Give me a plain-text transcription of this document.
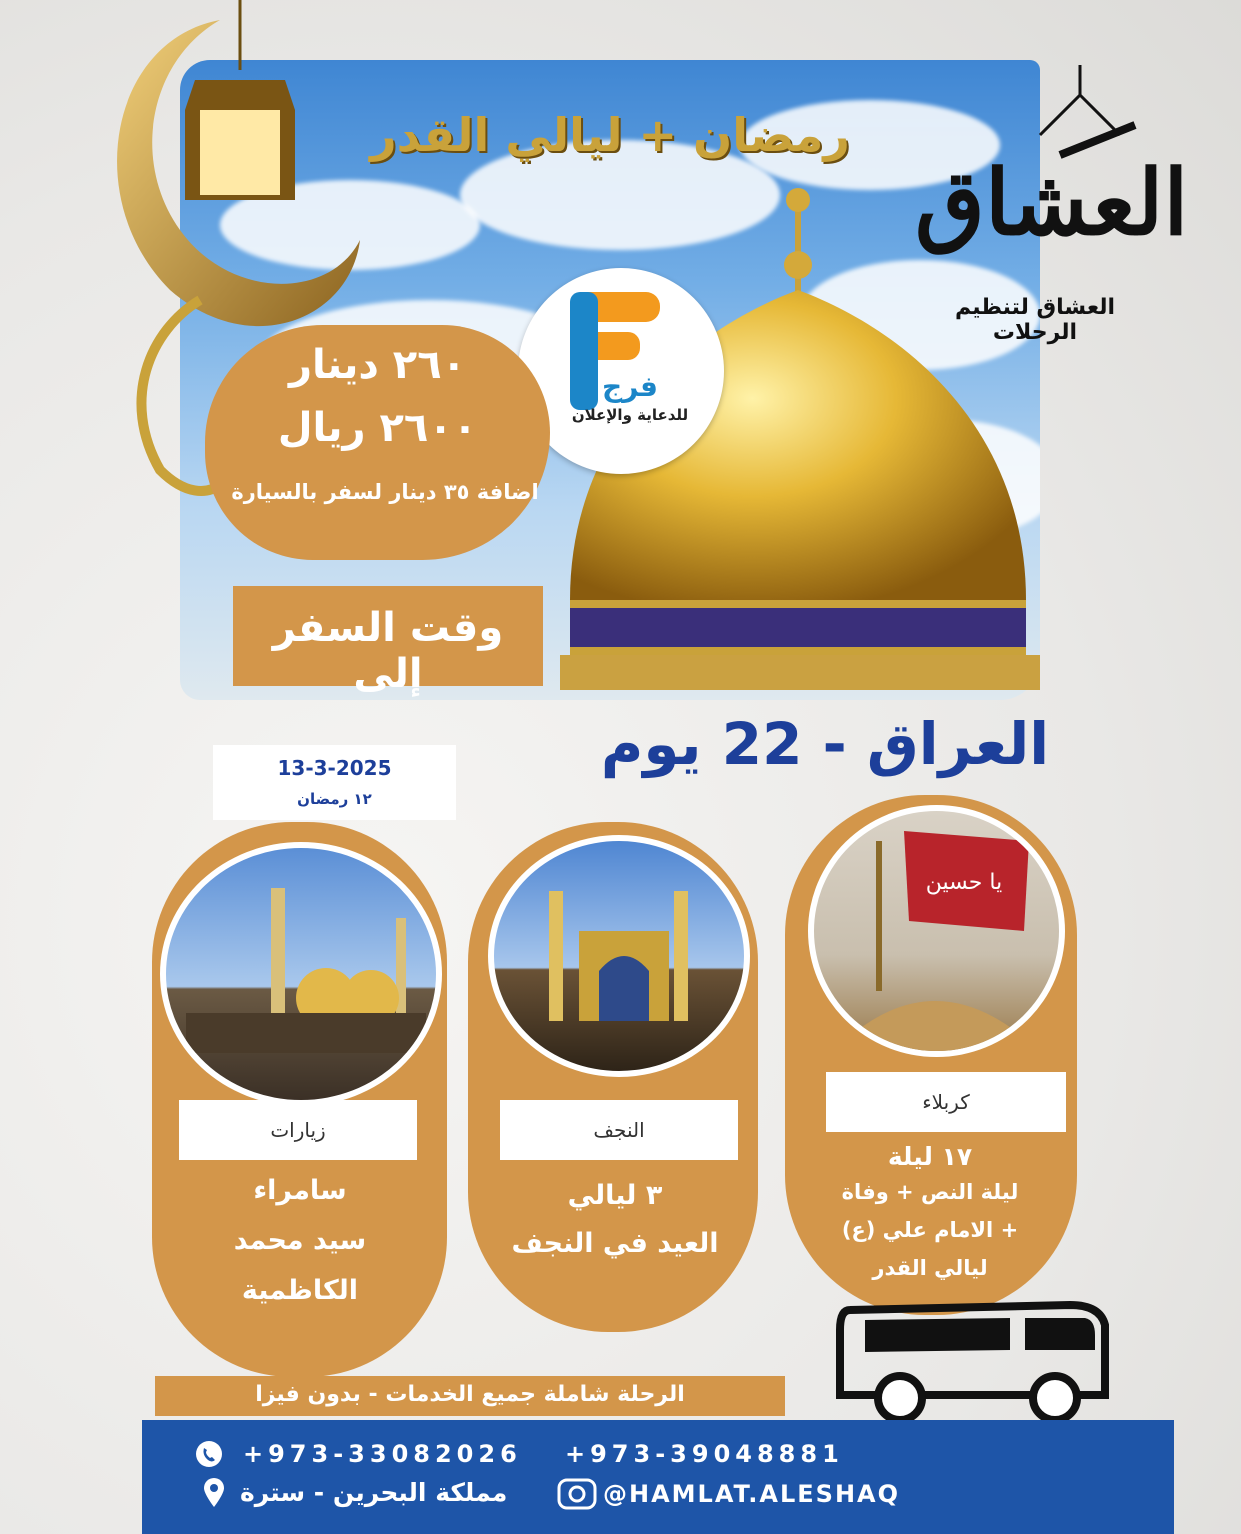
رمضان + ليالي القدر
العشاق
العشاق لتنظيم الرحلات
فرج
للدعاية والإعلان
٢٦٠ دينار
٢٦٠٠ ريال
اضافة ٣٥ دينار لسفر بالسيارة
وقت السفر إلى
العراق - 22 يوم
13-3-2025
١٢ رمضان
زيارات
سامراء
سيد محمد
الكاظمية
النجف
٣ ليالي
العيد في النجف
يا حسين
كربلاء
١٧ ليلة
ليلة النص + وفاة
الامام علي (ع) +
ليالي القدر
الرحلة شاملة جميع الخدمات - بدون فيزا
+973-33082026 +973-39048881
مملكة البحرين - سترة	@HAMLAT.ALESHAQ
